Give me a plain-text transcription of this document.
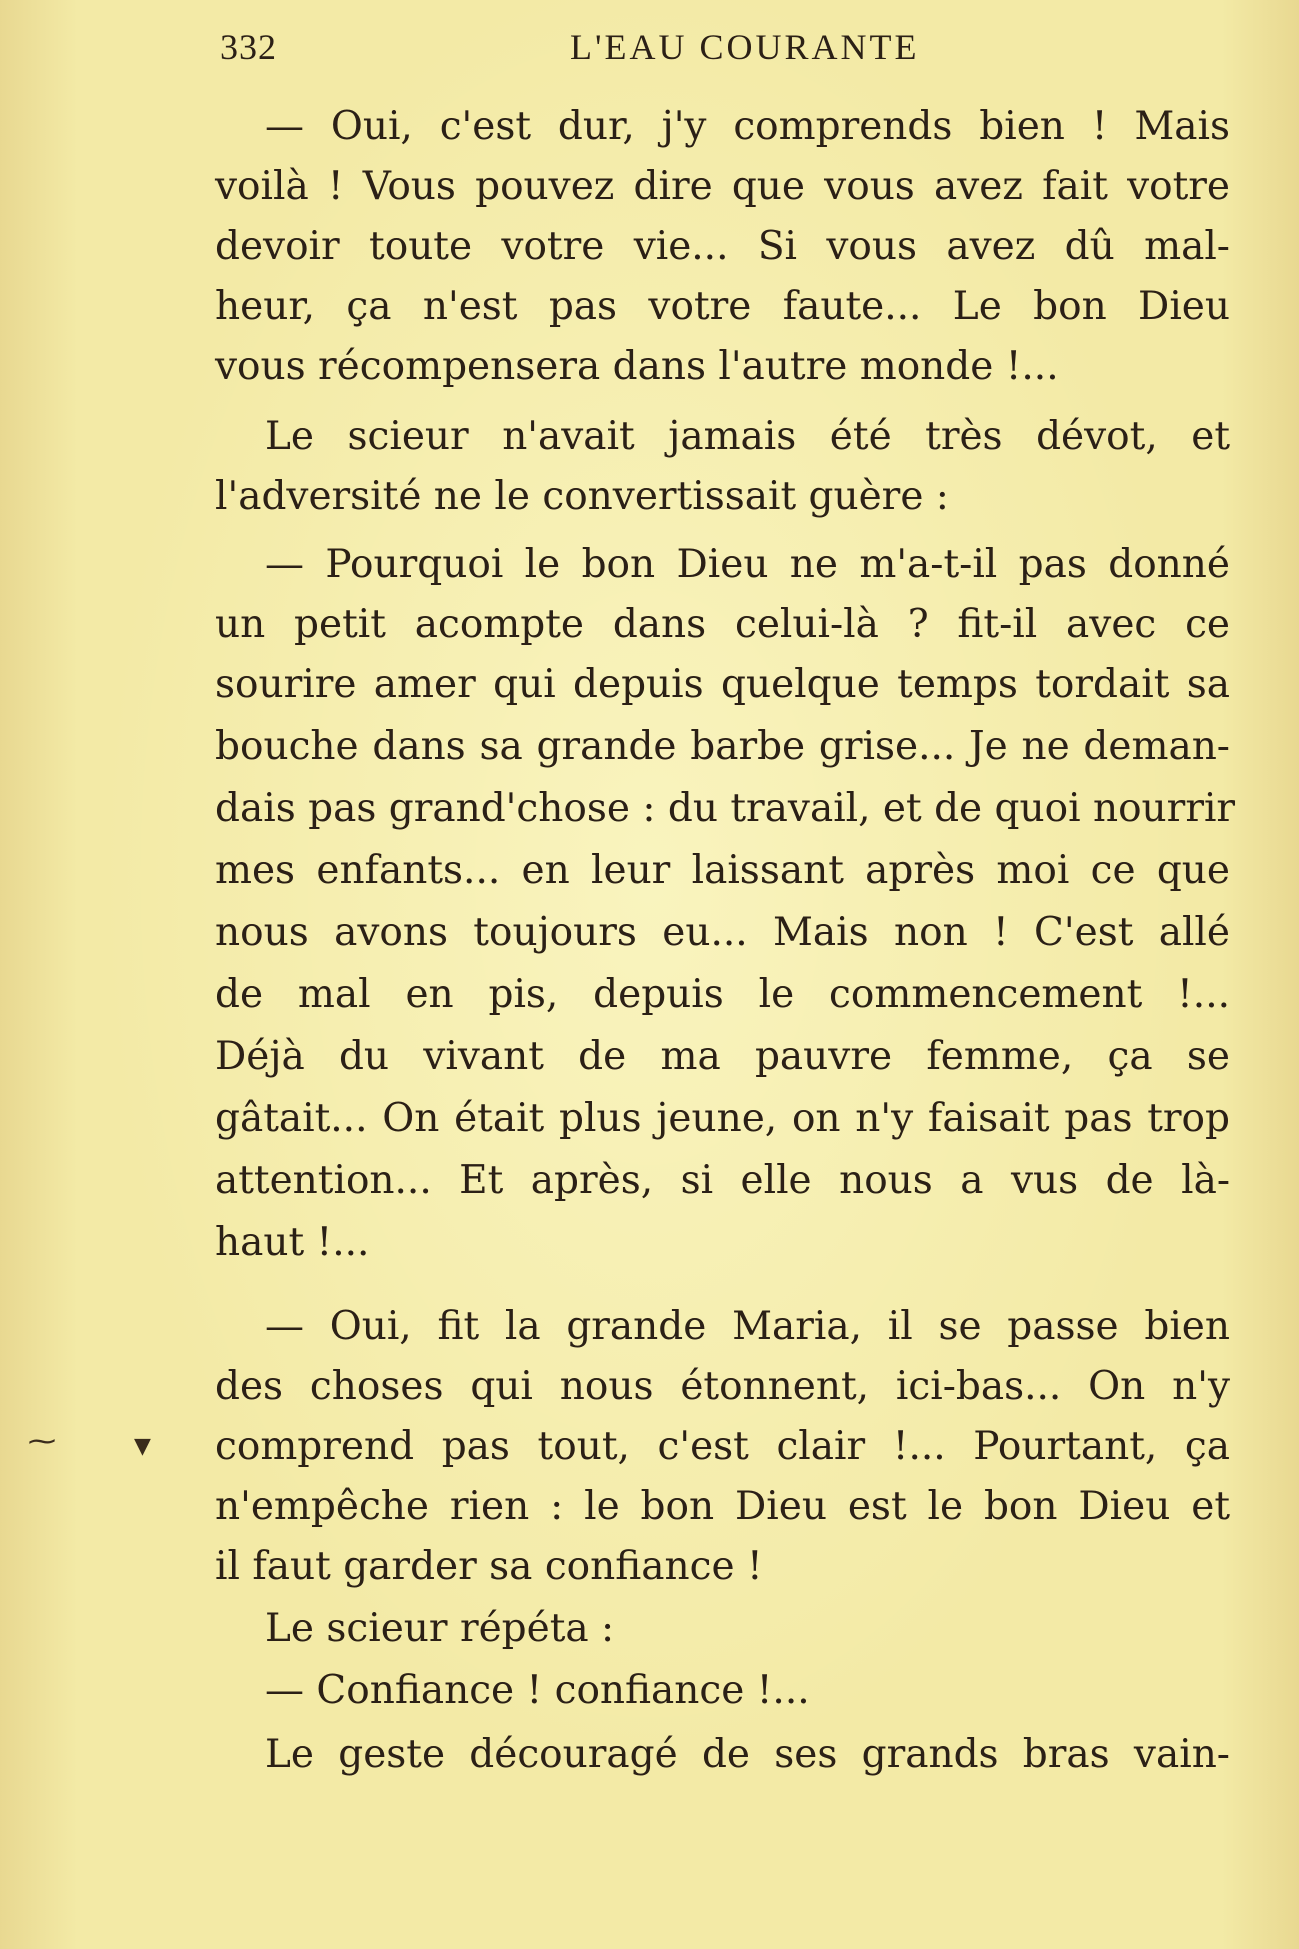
332	L'EAU COURANTE
— Oui, c'est dur, j'y comprends bien ! Mais
voilà ! Vous pouvez dire que vous avez fait votre
devoir toute votre vie... Si vous avez dû mal-
heur, ça n'est pas votre faute... Le bon Dieu
vous récompensera dans l'autre monde !...
Le scieur n'avait jamais été très dévot, et
l'adversité ne le convertissait guère :
— Pourquoi le bon Dieu ne m'a-t-il pas donné
un petit acompte dans celui-là ? fit-il avec ce
sourire amer qui depuis quelque temps tordait sa
bouche dans sa grande barbe grise... Je ne deman-
dais pas grand'chose : du travail, et de quoi nourrir
mes enfants... en leur laissant après moi ce que
nous avons toujours eu... Mais non ! C'est allé
de mal en pis, depuis le commencement !...
Déjà du vivant de ma pauvre femme, ça se
gâtait... On était plus jeune, on n'y faisait pas trop
attention... Et après, si elle nous a vus de là-
haut !...
— Oui, fit la grande Maria, il se passe bien
des choses qui nous étonnent, ici-bas... On n'y
comprend pas tout, c'est clair !... Pourtant, ça
n'empêche rien : le bon Dieu est le bon Dieu et
il faut garder sa confiance !
Le scieur répéta :
— Confiance ! confiance !...
Le geste découragé de ses grands bras vain-
⁓	▼
